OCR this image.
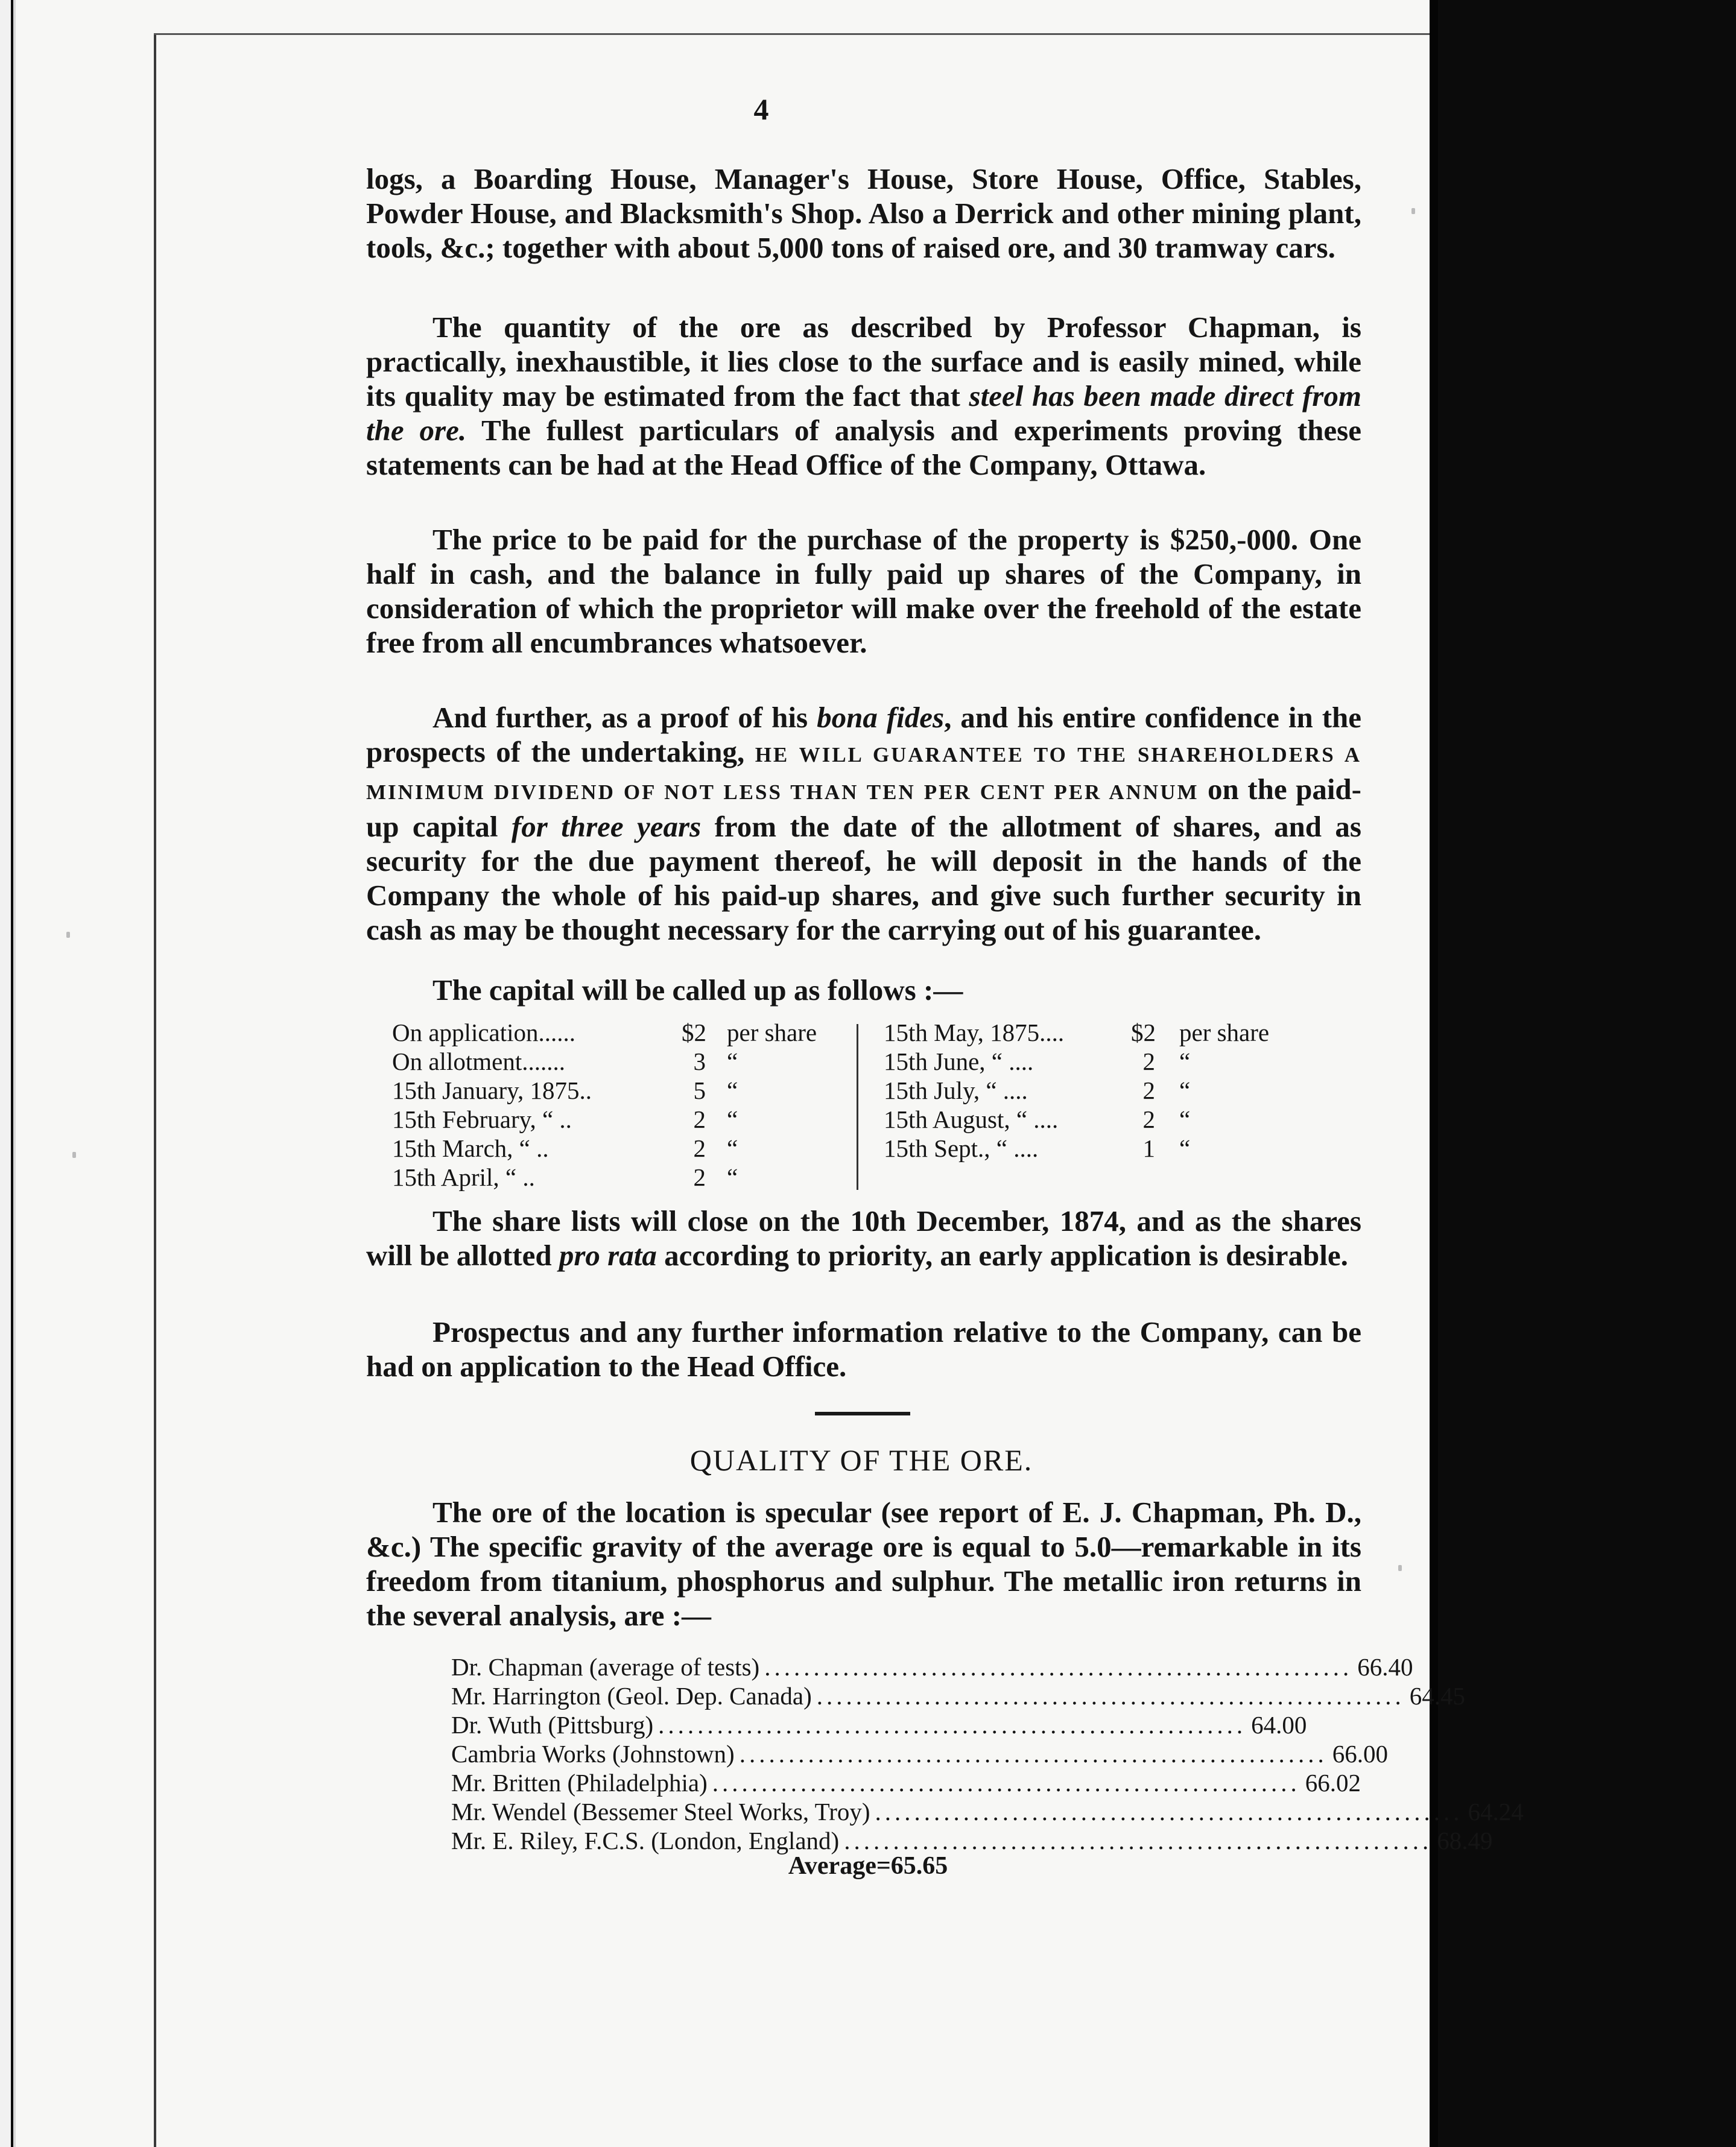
4

logs, a Boarding House, Manager's House, Store House, Office, Stables, Powder House, and Blacksmith's Shop. Also a Derrick and other mining plant, tools, &c.; together with about 5,000 tons of raised ore, and 30 tramway cars.

The quantity of the ore as described by Professor Chapman, is practically, inexhaustible, it lies close to the surface and is easily mined, while its quality may be estimated from the fact that steel has been made direct from the ore. The fullest particulars of analysis and experiments proving these statements can be had at the Head Office of the Company, Ottawa.

The price to be paid for the purchase of the property is $250,-000. One half in cash, and the balance in fully paid up shares of the Company, in consideration of which the proprietor will make over the freehold of the estate free from all encumbrances whatsoever.

And further, as a proof of his bona fides, and his entire confidence in the prospects of the undertaking, HE WILL GUARANTEE TO THE SHAREHOLDERS A MINIMUM DIVIDEND OF NOT LESS THAN TEN PER CENT PER ANNUM on the paid-up capital for three years from the date of the allotment of shares, and as security for the due payment thereof, he will deposit in the hands of the Company the whole of his paid-up shares, and give such further security in cash as may be thought necessary for the carrying out of his guarantee.

The capital will be called up as follows :—

On application......	$2 per share
On allotment.......	3 “
15th January, 1875..	5 “
15th February, “ ..	2 “
15th March, “ ..	2 “
15th April, “ ..	2 “
15th May, 1875....	$2 per share
15th June, “ ....	2 “
15th July, “ ....	2 “
15th August, “ ....	2 “
15th Sept., “ ....	1 “

The share lists will close on the 10th December, 1874, and as the shares will be allotted pro rata according to priority, an early application is desirable.

Prospectus and any further information relative to the Company, can be had on application to the Head Office.

QUALITY OF THE ORE.

The ore of the location is specular (see report of E. J. Chapman, Ph. D., &c.) The specific gravity of the average ore is equal to 5.0—remarkable in its freedom from titanium, phosphorus and sulphur. The metallic iron returns in the several analysis, are :—

Dr. Chapman (average of tests) ............................................................ 66.40
Mr. Harrington (Geol. Dep. Canada) ............................................................ 64.45
Dr. Wuth (Pittsburg) ............................................................ 64.00
Cambria Works (Johnstown) ............................................................ 66.00
Mr. Britten (Philadelphia) ............................................................ 66.02
Mr. Wendel (Bessemer Steel Works, Troy) ............................................................ 64.24
Mr. E. Riley, F.C.S. (London, England) ............................................................ 68.49
Average=65.65
